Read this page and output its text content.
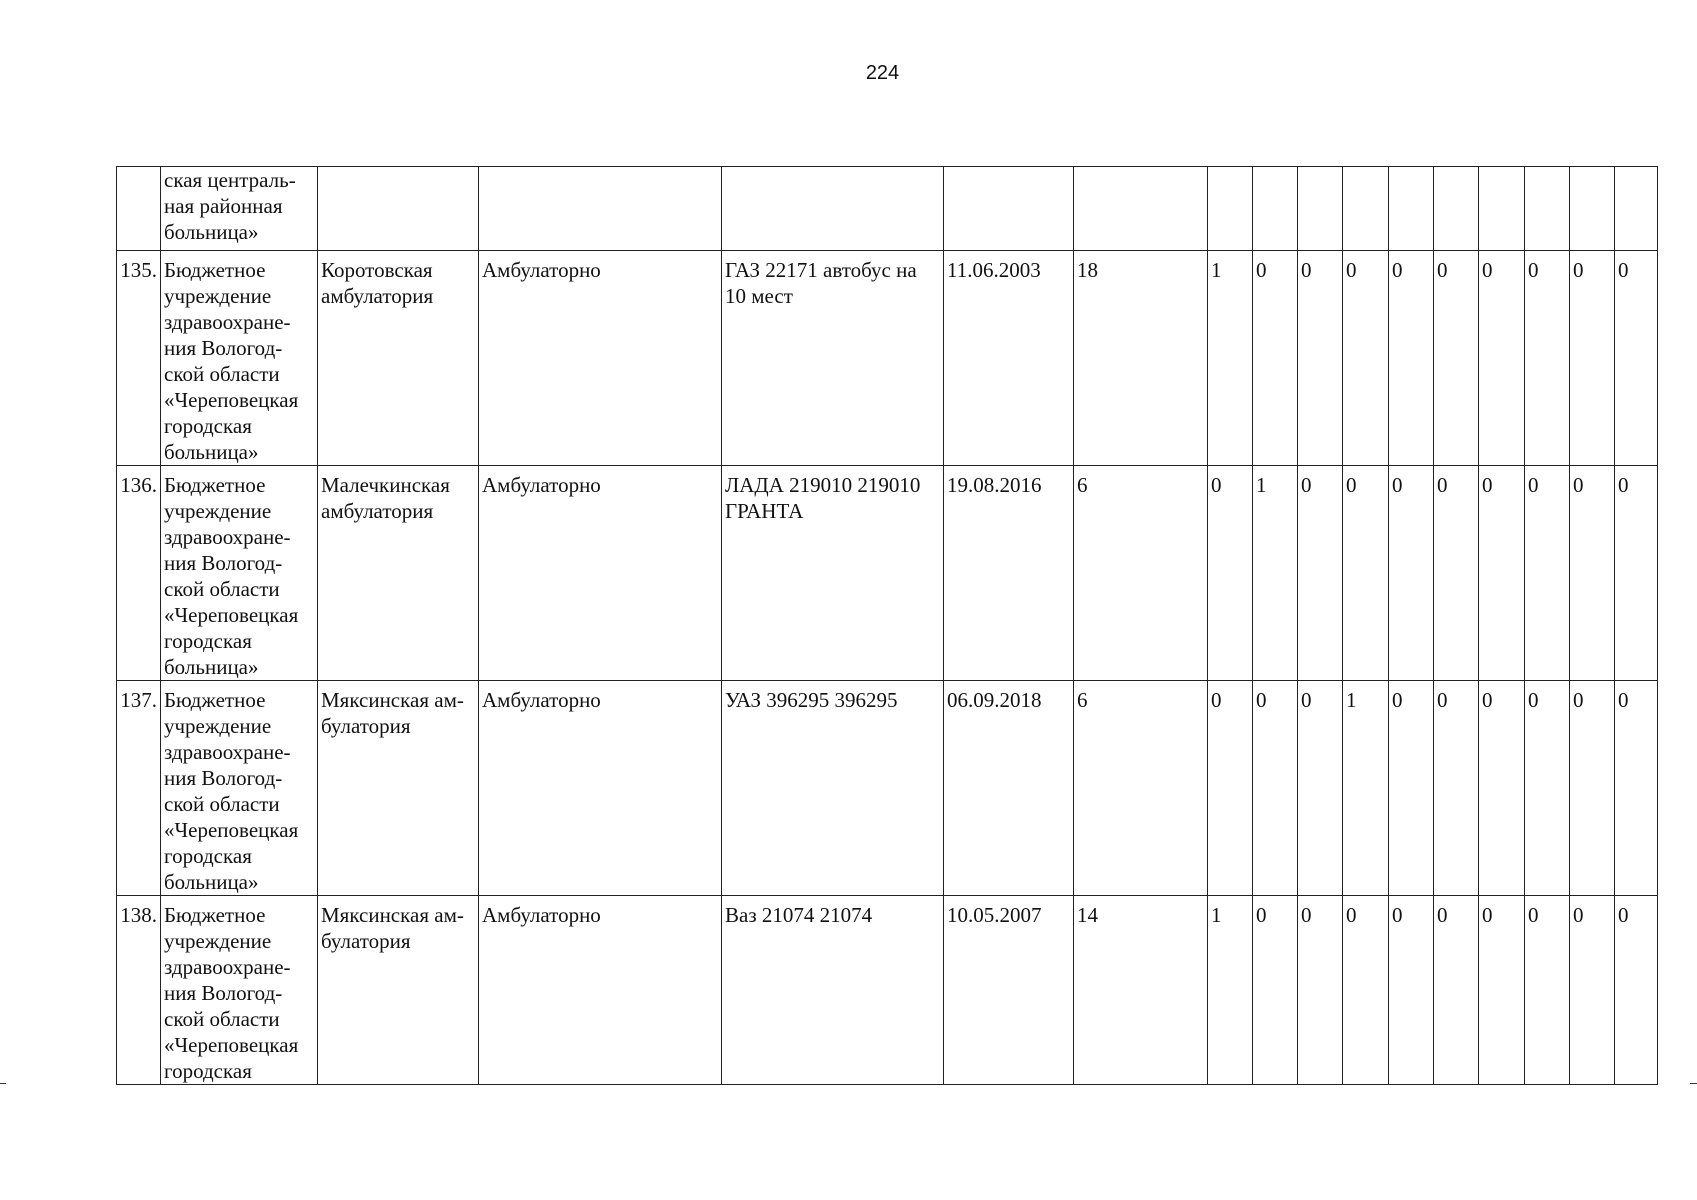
224
	ская централь-ная районная больница»															
135.	Бюджетное учреждение здравоохране-ния Вологод-ской области «Череповецкая городская больница»	Коротовская амбулатория	Амбулаторно	ГАЗ 22171 автобус на 10 мест	11.06.2003	18	1	0	0	0	0	0	0	0	0	0
136.	Бюджетное учреждение здравоохране-ния Вологод-ской области «Череповецкая городская больница»	Малечкинская амбулатория	Амбулаторно	ЛАДА 219010 219010 ГРАНТА	19.08.2016	6	0	1	0	0	0	0	0	0	0	0
137.	Бюджетное учреждение здравоохране-ния Вологод-ской области «Череповецкая городская больница»	Мяксинская ам-булатория	Амбулаторно	УАЗ 396295 396295	06.09.2018	6	0	0	0	1	0	0	0	0	0	0
138.	Бюджетное учреждение здравоохране-ния Вологод-ской области «Череповецкая городская	Мяксинская ам-булатория	Амбулаторно	Ваз 21074 21074	10.05.2007	14	1	0	0	0	0	0	0	0	0	0
